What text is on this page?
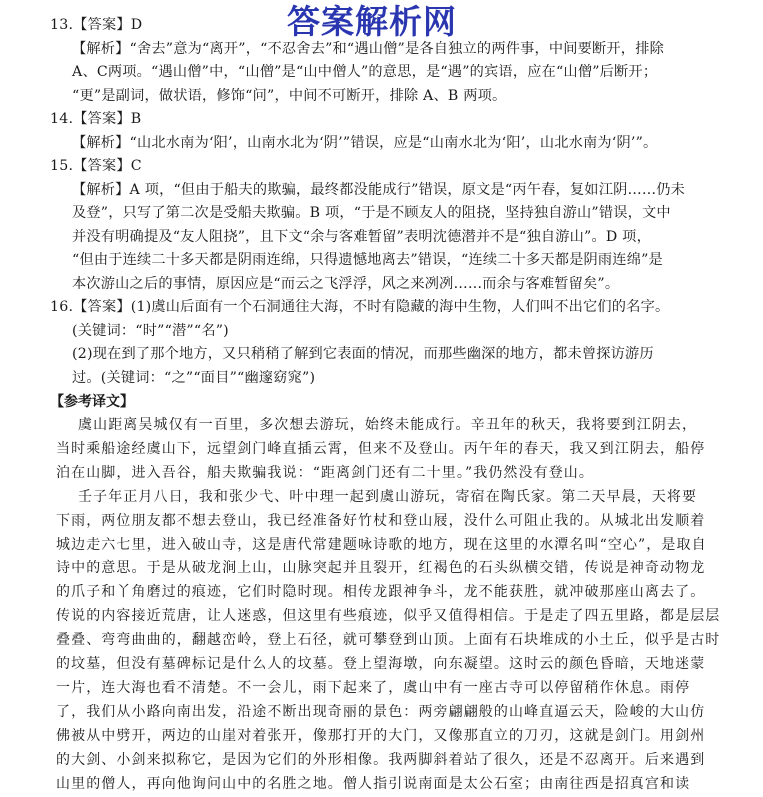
答案解析网
13.【答案】D
【解析】“舍去”意为“离开”，“不忍舍去”和“遇山僧”是各自独立的两件事，中间要断开，排除
A、C两项。“遇山僧”中，“山僧”是“山中僧人”的意思，是“遇”的宾语，应在“山僧”后断开；
“更”是副词，做状语，修饰“问”，中间不可断开，排除 A、B 两项。
14.【答案】B
【解析】“山北水南为‘阳’，山南水北为‘阴’”错误，应是“山南水北为‘阳’，山北水南为‘阴’”。
15.【答案】C
【解析】A 项，“但由于船夫的欺骗，最终都没能成行”错误，原文是“丙午春，复如江阴……仍未
及登”，只写了第二次是受船夫欺骗。B 项，“于是不顾友人的阻挠，坚持独自游山”错误，文中
并没有明确提及“友人阻挠”，且下文“余与客难暂留”表明沈德潜并不是“独自游山”。D 项，
“但由于连续二十多天都是阴雨连绵，只得遗憾地离去”错误，“连续二十多天都是阴雨连绵”是
本次游山之后的事情，原因应是“而云之飞浮浮，风之来冽冽……而余与客难暂留矣”。
16.【答案】(1)虞山后面有一个石洞通往大海，不时有隐藏的海中生物，人们叫不出它们的名字。
(关键词：“时”“潜”“名”)
(2)现在到了那个地方，又只稍稍了解到它表面的情况，而那些幽深的地方，都未曾探访游历
过。(关键词：“之”“面目”“幽邃窈窕”)
【参考译文】
虞山距离吴城仅有一百里，多次想去游玩，始终未能成行。辛丑年的秋天，我将要到江阴去，
当时乘船途经虞山下，远望剑门峰直插云霄，但来不及登山。丙午年的春天，我又到江阴去，船停
泊在山脚，进入吾谷，船夫欺骗我说：“距离剑门还有二十里。”我仍然没有登山。
壬子年正月八日，我和张少弋、叶中理一起到虞山游玩，寄宿在陶氏家。第二天早晨，天将要
下雨，两位朋友都不想去登山，我已经准备好竹杖和登山屐，没什么可阻止我的。从城北出发顺着
城边走六七里，进入破山寺，这是唐代常建题咏诗歌的地方，现在这里的水潭名叫“空心”，是取自
诗中的意思。于是从破龙涧上山，山脉突起并且裂开，红褐色的石头纵横交错，传说是神奇动物龙
的爪子和丫角磨过的痕迹，它们时隐时现。相传龙跟神争斗，龙不能获胜，就冲破那座山离去了。
传说的内容接近荒唐，让人迷惑，但这里有些痕迹，似乎又值得相信。于是走了四五里路，都是层层
叠叠、弯弯曲曲的，翻越峦岭，登上石径，就可攀登到山顶。上面有石块堆成的小土丘，似乎是古时
的坟墓，但没有墓碑标记是什么人的坟墓。登上望海墩，向东凝望。这时云的颜色昏暗，天地迷蒙
一片，连大海也看不清楚。不一会儿，雨下起来了，虞山中有一座古寺可以停留稍作休息。雨停
了，我们从小路向南出发，沿途不断出现奇丽的景色：两旁翩翩般的山峰直逼云天，险峻的大山仿
佛被从中劈开，两边的山崖对着张开，像那打开的大门，又像那直立的刀刃，这就是剑门。用剑州
的大剑、小剑来拟称它，是因为它们的外形相像。我两脚斜着站了很久，还是不忍离开。后来遇到
山里的僧人，再向他询问山中的名胜之地。僧人指引说南面是太公石室；由南往西是招真宫和读
